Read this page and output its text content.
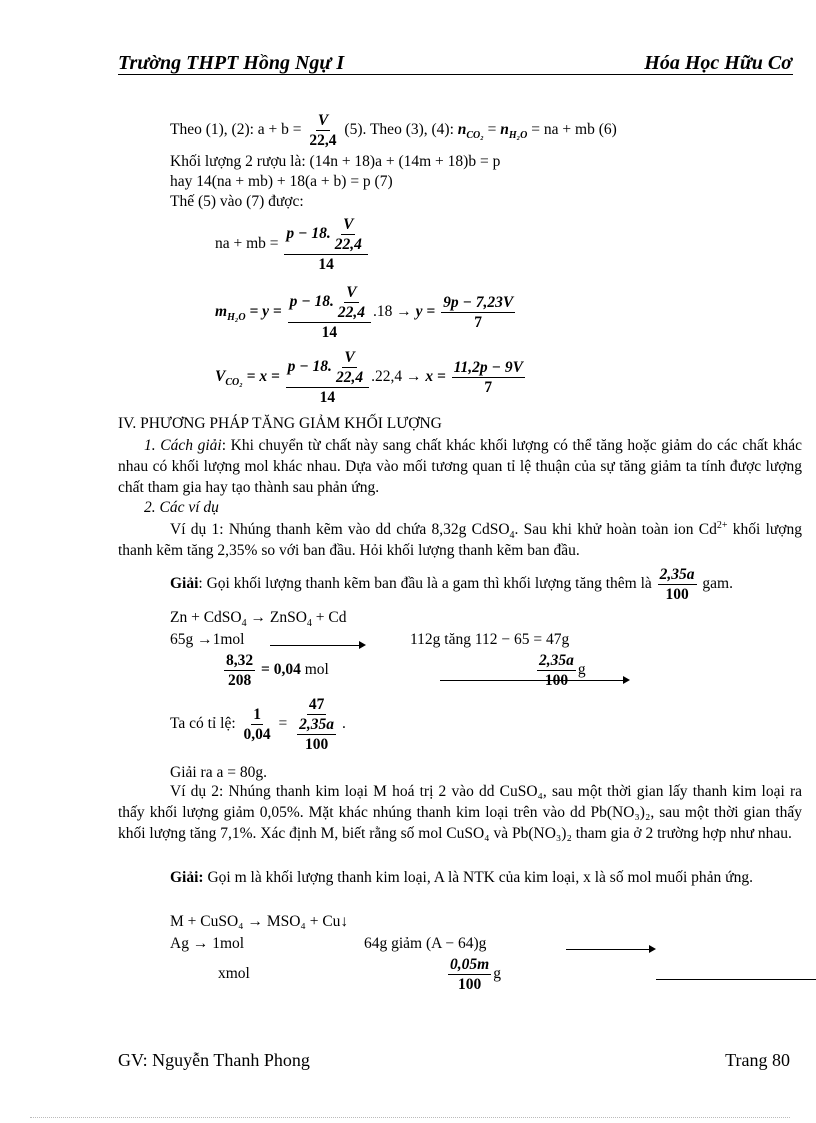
Trường THPT Hồng Ngự I	Hóa Học Hữu Cơ
Theo (1), (2): $a + b = \frac{V}{22,4} (5)$. Theo (3), (4): $n_{CO_2} = n_{H_2O}$ = na + mb (6)
Khối lượng 2 rượu là: (14n + 18)a + (14m + 18)b = p
hay 14(na + mb) + 18(a + b) = p (7)
Thế (5) vào (7) được:
na + mb = $\frac{p - 18. \frac{V}{22,4}}{14}$
$m_{H_2O} = y = \frac{p - 18. \frac{V}{22,4}}{14} .18 \to y = \frac{9p - 7,23V}{7}$
$V_{CO_2} = x = \frac{p - 18. \frac{V}{22,4}}{14} .22,4 \to x = \frac{11,2p - 9V}{7}$
IV. PHƯƠNG PHÁP TĂNG GIẢM KHỐI LƯỢNG
1. Cách giải: Khi chuyển từ chất này sang chất khác khối lượng có thể tăng hoặc giảm do các chất khác nhau có khối lượng mol khác nhau. Dựa vào mối tương quan tỉ lệ thuận của sự tăng giảm ta tính được lượng chất tham gia hay tạo thành sau phản ứng.
2. Các ví dụ
Ví dụ 1: Nhúng thanh kẽm vào dd chứa 8,32g CdSO$_4$. Sau khi khử hoàn toàn ion $Cd^{2+}$ khối lượng thanh kẽm tăng 2,35% so với ban đầu. Hỏi khối lượng thanh kẽm ban đầu.
Giải: Gọi khối lượng thanh kẽm ban đầu là a gam thì khối lượng tăng thêm là $\frac{2,35a}{100}$ gam.
Zn + CdSO$_4$ → ZnSO$_4$ + Cd
65g →1mol
	112g tăng 112 − 65 = 47g
$\frac{8,32}{208} = 0,04$ mol
	$\frac{2,35a}{100}$ g
Ta có tỉ lệ: $\frac{1}{0,04} = \frac{47}{\frac{2,35a}{100}}$ .
Giải ra a = 80g.
Ví dụ 2: Nhúng thanh kim loại M hoá trị 2 vào dd CuSO₄, sau một thời gian lấy thanh kim loại ra thấy khối lượng giảm 0,05%. Mặt khác nhúng thanh kim loại trên vào dd Pb(NO₃)₂, sau một thời gian thấy khối lượng tăng 7,1%. Xác định M, biết rằng số mol CuSO₄ và Pb(NO₃)₂ tham gia ở 2 trường hợp như nhau.
Giải: Gọi m là khối lượng thanh kim loại, A là NTK của kim loại, x là số mol muối phản ứng.
M + CuSO₄ → MSO₄ + Cu↓
Ag → 1mol
	64g giảm (A − 64)g
xmol	$\frac{0,05m}{100}$ g
GV: Nguyễn Thanh Phong	Trang 80
